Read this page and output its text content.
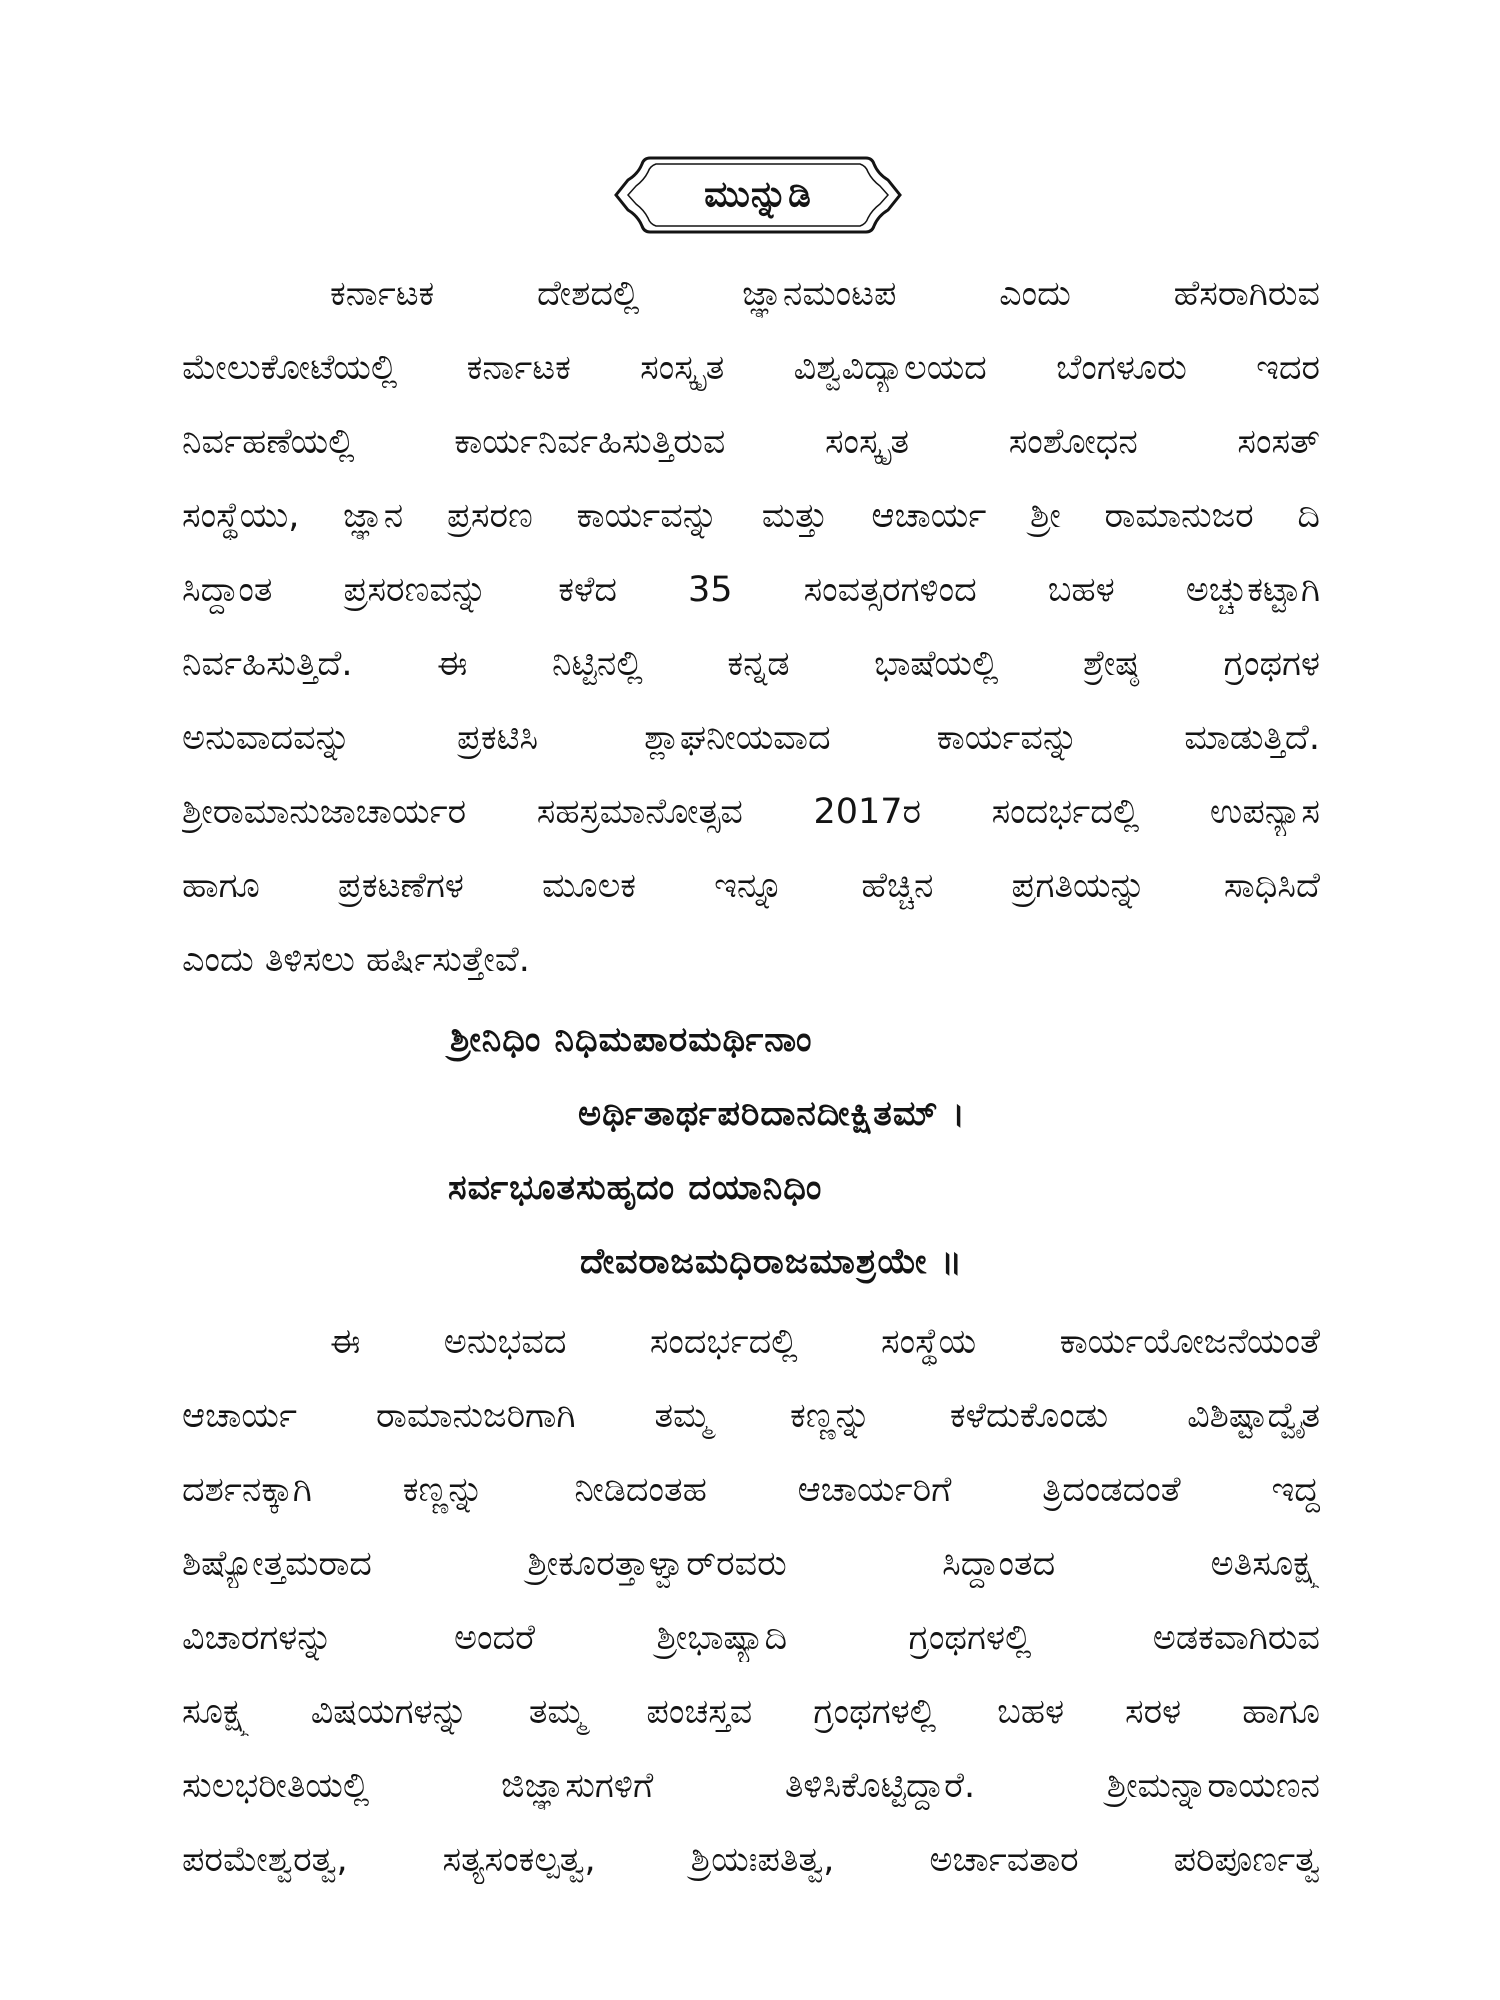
ಮುನ್ನುಡಿ
ಕರ್ನಾಟಕ ದೇಶದಲ್ಲಿ ಜ್ಞಾನಮಂಟಪ ಎಂದು ಹೆಸರಾಗಿರುವ
ಮೇಲುಕೋಟೆಯಲ್ಲಿ ಕರ್ನಾಟಕ ಸಂಸ್ಕೃತ ವಿಶ್ವವಿದ್ಯಾಲಯದ ಬೆಂಗಳೂರು ಇದರ
ನಿರ್ವಹಣೆಯಲ್ಲಿ ಕಾರ್ಯನಿರ್ವಹಿಸುತ್ತಿರುವ ಸಂಸ್ಕೃತ ಸಂಶೋಧನ ಸಂಸತ್
ಸಂಸ್ಥೆಯು, ಜ್ಞಾನ ಪ್ರಸರಣ ಕಾರ್ಯವನ್ನು ಮತ್ತು ಆಚಾರ್ಯ ಶ್ರೀ ರಾಮಾನುಜರ ದಿ
ಸಿದ್ಧಾಂತ ಪ್ರಸರಣವನ್ನು ಕಳೆದ 35 ಸಂವತ್ಸರಗಳಿಂದ ಬಹಳ ಅಚ್ಚುಕಟ್ಟಾಗಿ
ನಿರ್ವಹಿಸುತ್ತಿದೆ. ಈ ನಿಟ್ಟಿನಲ್ಲಿ ಕನ್ನಡ ಭಾಷೆಯಲ್ಲಿ ಶ್ರೇಷ್ಠ ಗ್ರಂಥಗಳ
ಅನುವಾದವನ್ನು ಪ್ರಕಟಿಸಿ ಶ್ಲಾಘನೀಯವಾದ ಕಾರ್ಯವನ್ನು ಮಾಡುತ್ತಿದೆ.
ಶ್ರೀರಾಮಾನುಜಾಚಾರ್ಯರ ಸಹಸ್ರಮಾನೋತ್ಸವ 2017ರ ಸಂದರ್ಭದಲ್ಲಿ ಉಪನ್ಯಾಸ
ಹಾಗೂ ಪ್ರಕಟಣೆಗಳ ಮೂಲಕ ಇನ್ನೂ ಹೆಚ್ಚಿನ ಪ್ರಗತಿಯನ್ನು ಸಾಧಿಸಿದೆ
ಎಂದು ತಿಳಿಸಲು ಹರ್ಷಿಸುತ್ತೇವೆ.
ಶ್ರೀನಿಧಿಂ ನಿಧಿಮಪಾರಮರ್ಥಿನಾಂ
ಅರ್ಥಿತಾರ್ಥಪರಿದಾನದೀಕ್ಷಿತಮ್ ।
ಸರ್ವಭೂತಸುಹೃದಂ ದಯಾನಿಧಿಂ
ದೇವರಾಜಮಧಿರಾಜಮಾಶ್ರಯೇ ॥
ಈ ಅನುಭವದ ಸಂದರ್ಭದಲ್ಲಿ ಸಂಸ್ಥೆಯ ಕಾರ್ಯಯೋಜನೆಯಂತೆ
ಆಚಾರ್ಯ ರಾಮಾನುಜರಿಗಾಗಿ ತಮ್ಮ ಕಣ್ಣನ್ನು ಕಳೆದುಕೊಂಡು ವಿಶಿಷ್ಟಾದ್ವೈತ
ದರ್ಶನಕ್ಕಾಗಿ ಕಣ್ಣನ್ನು ನೀಡಿದಂತಹ ಆಚಾರ್ಯರಿಗೆ ತ್ರಿದಂಡದಂತೆ ಇದ್ದ
ಶಿಷ್ಯೋತ್ತಮರಾದ ಶ್ರೀಕೂರತ್ತಾಳ್ವಾರ್‌ರವರು ಸಿದ್ಧಾಂತದ ಅತಿಸೂಕ್ಷ್ಮ
ವಿಚಾರಗಳನ್ನು ಅಂದರೆ ಶ್ರೀಭಾಷ್ಯಾದಿ ಗ್ರಂಥಗಳಲ್ಲಿ ಅಡಕವಾಗಿರುವ
ಸೂಕ್ಷ್ಮ ವಿಷಯಗಳನ್ನು ತಮ್ಮ ಪಂಚಸ್ತವ ಗ್ರಂಥಗಳಲ್ಲಿ ಬಹಳ ಸರಳ ಹಾಗೂ
ಸುಲಭರೀತಿಯಲ್ಲಿ ಜಿಜ್ಞಾಸುಗಳಿಗೆ ತಿಳಿಸಿಕೊಟ್ಟಿದ್ದಾರೆ. ಶ್ರೀಮನ್ನಾರಾಯಣನ
ಪರಮೇಶ್ವರತ್ವ, ಸತ್ಯಸಂಕಲ್ಪತ್ವ, ಶ್ರಿಯಃಪತಿತ್ವ, ಅರ್ಚಾವತಾರ ಪರಿಪೂರ್ಣತ್ವ
